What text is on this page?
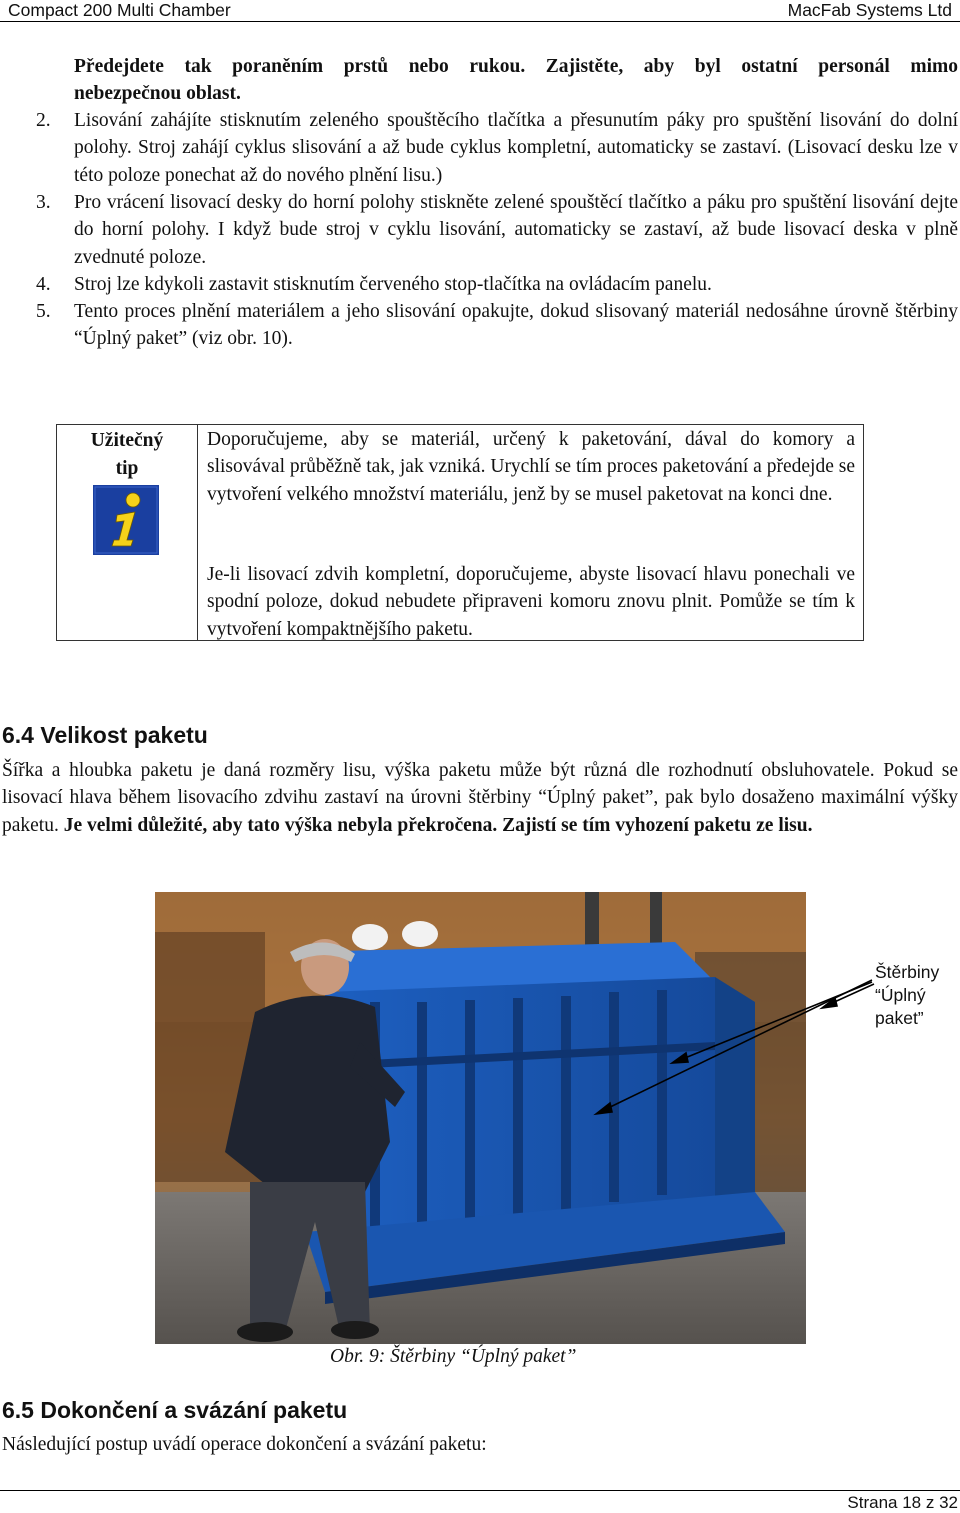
Compact 200 Multi Chamber	MacFab Systems Ltd

Předejdete tak poraněním prstů nebo rukou. Zajistěte, aby byl ostatní personál mimo

nebezpečnou oblast.

2. Lisování zahájíte stisknutím zeleného spouštěcího tlačítka a přesunutím páky pro spuštění lisování do dolní polohy. Stroj zahájí cyklus slisování a až bude cyklus kompletní, automaticky se zastaví. (Lisovací desku lze v této poloze ponechat až do nového plnění lisu.)

3. Pro vrácení lisovací desky do horní polohy stiskněte zelené spouštěcí tlačítko a páku pro spuštění lisování dejte do horní polohy. I když bude stroj v cyklu lisování, automaticky se zastaví, až bude lisovací deska v plně zvednuté poloze.

4. Stroj lze kdykoli zastavit stisknutím červeného stop-tlačítka na ovládacím panelu.

5. Tento proces plnění materiálem a jeho slisování opakujte, dokud slisovaný materiál nedosáhne úrovně štěrbiny “Úplný paket” (viz obr. 10).

Užitečný
tip

Doporučujeme, aby se materiál, určený k paketování, dával do komory a slisovával průběžně tak, jak vzniká. Urychlí se tím proces paketování a předejde se vytvoření velkého množství materiálu, jenž by se musel paketovat na konci dne.

Je-li lisovací zdvih kompletní, doporučujeme, abyste lisovací hlavu ponechali ve spodní poloze, dokud nebudete připraveni komoru znovu plnit. Pomůže se tím k vytvoření kompaktnějšího paketu.

6.4 Velikost paketu

Šířka a hloubka paketu je daná rozměry lisu, výška paketu může být různá dle rozhodnutí obsluhovatele. Pokud se lisovací hlava během lisovacího zdvihu zastaví na úrovni štěrbiny “Úplný paket”, pak bylo dosaženo maximální výšky paketu. Je velmi důležité, aby tato výška nebyla překročena. Zajistí se tím vyhození paketu ze lisu.

Štěrbiny
“Úplný
paket”
Obr. 9: Štěrbiny “Úplný paket”
6.5 Dokončení a svázání paketu

Následující postup uvádí operace dokončení a svázání paketu:

Strana 18 z 32
